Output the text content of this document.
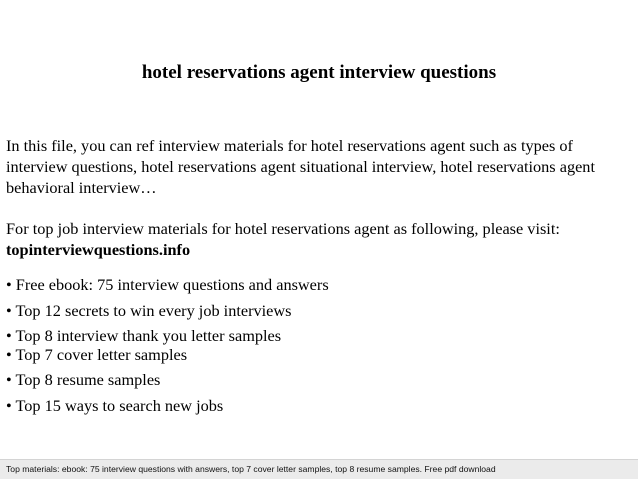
hotel reservations agent interview questions

In this file, you can ref interview materials for hotel reservations agent such as types of interview questions, hotel reservations agent situational interview, hotel reservations agent behavioral interview…

For top job interview materials for hotel reservations agent as following, please visit:
topinterviewquestions.info

• Free ebook: 75 interview questions and answers
• Top 12 secrets to win every job interviews
• Top 8 interview thank you letter samples
• Top 7 cover letter samples
• Top 8 resume samples
• Top 15 ways to search new jobs
Top materials: ebook: 75 interview questions with answers, top 7 cover letter samples, top 8 resume samples. Free pdf download
